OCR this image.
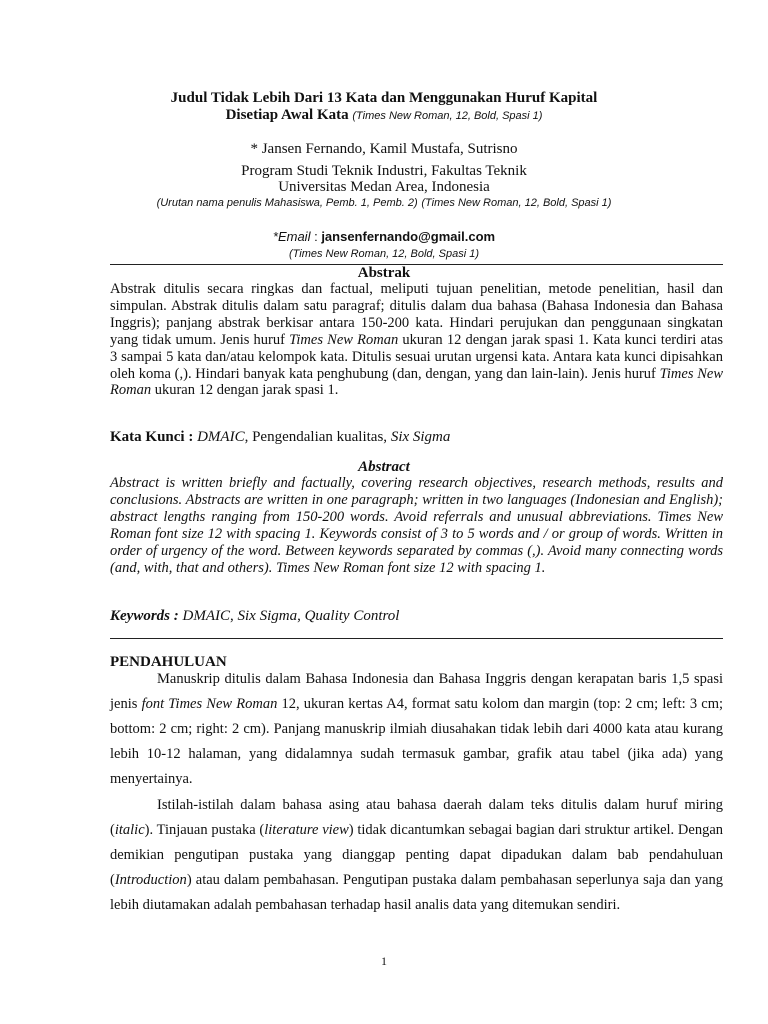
Judul Tidak Lebih Dari 13 Kata dan Menggunakan Huruf Kapital
Disetiap Awal Kata (Times New Roman, 12, Bold, Spasi 1)
* Jansen Fernando, Kamil Mustafa, Sutrisno
Program Studi Teknik Industri, Fakultas Teknik
Universitas Medan Area, Indonesia
(Urutan nama penulis Mahasiswa, Pemb. 1, Pemb. 2) (Times New Roman, 12, Bold, Spasi 1)
*Email : jansenfernando@gmail.com
(Times New Roman, 12, Bold, Spasi 1)
Abstrak
Abstrak ditulis secara ringkas dan factual, meliputi tujuan penelitian, metode penelitian, hasil dan simpulan. Abstrak ditulis dalam satu paragraf; ditulis dalam dua bahasa (Bahasa Indonesia dan Bahasa Inggris); panjang abstrak berkisar antara 150-200 kata. Hindari perujukan dan penggunaan singkatan yang tidak umum. Jenis huruf Times New Roman ukuran 12 dengan jarak spasi 1. Kata kunci terdiri atas 3 sampai 5 kata dan/atau kelompok kata. Ditulis sesuai urutan urgensi kata. Antara kata kunci dipisahkan oleh koma (,). Hindari banyak kata penghubung (dan, dengan, yang dan lain-lain). Jenis huruf Times New Roman ukuran 12 dengan jarak spasi 1.
Kata Kunci : DMAIC, Pengendalian kualitas, Six Sigma
Abstract
Abstract is written briefly and factually, covering research objectives, research methods, results and conclusions. Abstracts are written in one paragraph; written in two languages (Indonesian and English); abstract lengths ranging from 150-200 words. Avoid referrals and unusual abbreviations. Times New Roman font size 12 with spacing 1. Keywords consist of 3 to 5 words and / or group of words. Written in order of urgency of the word. Between keywords separated by commas (,). Avoid many connecting words (and, with, that and others). Times New Roman font size 12 with spacing 1.
Keywords : DMAIC, Six Sigma, Quality Control
PENDAHULUAN
Manuskrip ditulis dalam Bahasa Indonesia dan Bahasa Inggris dengan kerapatan baris 1,5 spasi jenis font Times New Roman 12, ukuran kertas A4, format satu kolom dan margin (top: 2 cm; left: 3 cm; bottom: 2 cm; right: 2 cm). Panjang manuskrip ilmiah diusahakan tidak lebih dari 4000 kata atau kurang lebih 10-12 halaman, yang didalamnya sudah termasuk gambar, grafik atau tabel (jika ada) yang menyertainya.
Istilah-istilah dalam bahasa asing atau bahasa daerah dalam teks ditulis dalam huruf miring (italic). Tinjauan pustaka (literature view) tidak dicantumkan sebagai bagian dari struktur artikel. Dengan demikian pengutipan pustaka yang dianggap penting dapat dipadukan dalam bab pendahuluan (Introduction) atau dalam pembahasan. Pengutipan pustaka dalam pembahasan seperlunya saja dan yang lebih diutamakan adalah pembahasan terhadap hasil analis data yang ditemukan sendiri.
1
